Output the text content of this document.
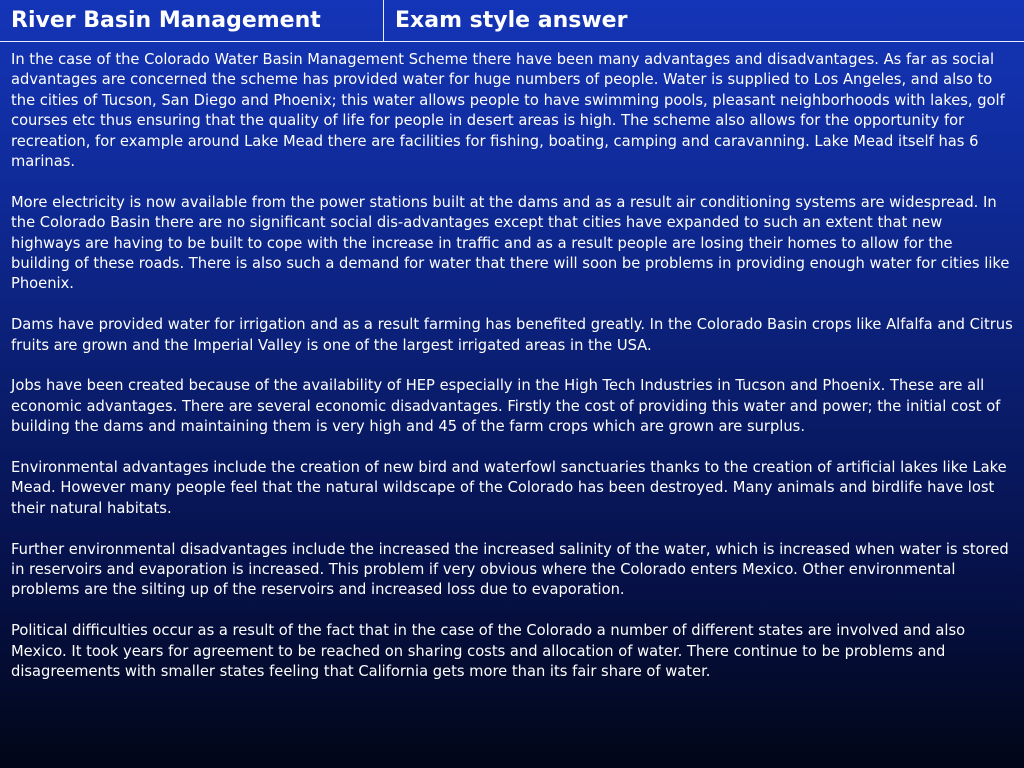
River Basin Management	Exam style answer

In the case of the Colorado Water Basin Management Scheme there have been many advantages and disadvantages. As far as social advantages are concerned the scheme has provided water for huge numbers of people. Water is supplied to Los Angeles, and also to the cities of Tucson, San Diego and Phoenix; this water allows people to have swimming pools, pleasant neighborhoods with lakes, golf courses etc thus ensuring that the quality of life for people in desert areas is high. The scheme also allows for the opportunity for recreation, for example around Lake Mead there are facilities for fishing, boating, camping and caravanning. Lake Mead itself has 6 marinas.

More electricity is now available from the power stations built at the dams and as a result air conditioning systems are widespread. In the Colorado Basin there are no significant social dis-advantages except that cities have expanded to such an extent that new highways are having to be built to cope with the increase in traffic and as a result people are losing their homes to allow for the building of these roads. There is also such a demand for water that there will soon be problems in providing enough water for cities like Phoenix.

Dams have provided water for irrigation and as a result farming has benefited greatly. In the Colorado Basin crops like Alfalfa and Citrus fruits are grown and the Imperial Valley is one of the largest irrigated areas in the USA.

Jobs have been created because of the availability of HEP especially in the High Tech Industries in Tucson and Phoenix. These are all economic advantages. There are several economic disadvantages. Firstly the cost of providing this water and power; the initial cost of building the dams and maintaining them is very high and 45 of the farm crops which are grown are surplus.

Environmental advantages include the creation of new bird and waterfowl sanctuaries thanks to the creation of artificial lakes like Lake Mead. However many people feel that the natural wildscape of the Colorado has been destroyed. Many animals and birdlife have lost their natural habitats.

Further environmental disadvantages include the increased the increased salinity of the water, which is increased when water is stored in reservoirs and evaporation is increased. This problem if very obvious where the Colorado enters Mexico. Other environmental problems are the silting up of the reservoirs and increased loss due to evaporation.

Political difficulties occur as a result of the fact that in the case of the Colorado a number of different states are involved and also Mexico. It took years for agreement to be reached on sharing costs and allocation of water. There continue to be problems and disagreements with smaller states feeling that California gets more than its fair share of water.
